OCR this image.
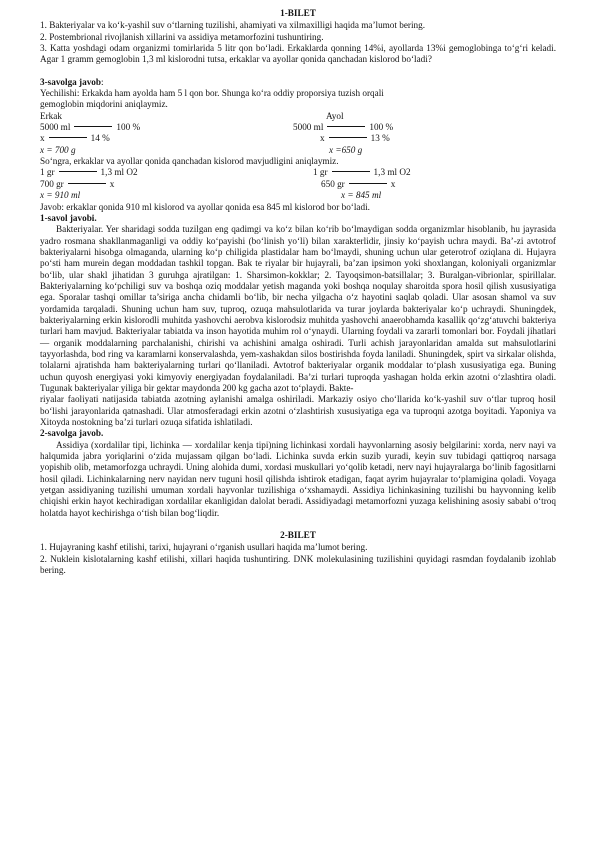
1-BILET

1. Bakteriyalar va ko‘k-yashil suv o‘tlarning tuzilishi, ahamiyati va xilmaxilligi haqida ma’lumot bering.

2. Postembrional rivojlanish xillarini va assidiya metamorfozini tushuntiring.

3. Katta yoshdagi odam organizmi tomirlarida 5 litr qon bo‘ladi. Erkaklarda qonning 14%i, ayollarda 13%i gemoglobinga to‘g‘ri keladi. Agar 1 gramm gemoglobin 1,3 ml kislorodni tutsa, erkaklar va ayollar qonida qanchadan kislorod bo‘ladi?

3-savolga javob:

Yechilishi: Erkakda ham ayolda ham 5 l qon bor. Shunga ko‘ra oddiy proporsiya tuzish orqali

gemoglobin miqdorini aniqlaymiz.

Erkak	Ayol
5000 ml	100 %	5000 ml	100 %
x	14 %	x	13 %
x = 700 g	x =650 g

So‘ngra, erkaklar va ayollar qonida qanchadan kislorod mavjudligini aniqlaymiz.

1 gr	1,3 ml O2	1 gr	1,3 ml O2
700 gr	x	650 gr	x
x = 910 ml	x = 845 ml

Javob: erkaklar qonida 910 ml kislorod va ayollar qonida esa 845 ml kislorod bor bo‘ladi.

1-savol javobi.

Bakteriyalar. Yer sharidagi sodda tuzilgan eng qadimgi va ko‘z bilan ko‘rib bo‘lmaydigan sodda organizmlar hisoblanib, hu jayrasida yadro rosmana shakllanmaganligi va oddiy ko‘payishi (bo‘linish yo‘li) bilan xarakterlidir, jinsiy ko‘payish uchra maydi. Ba’-zi avtotrof bakteriyalarni hisobga olmaganda, ularning ko‘p chiligida plastidalar ham bo‘lmaydi, shuning uchun ular geterotrof oziqlana di. Hujayra po‘sti ham murein degan moddadan tashkil topgan. Bak te riyalar bir hujayrali, ba’zan ipsimon yoki shoxlangan, koloniyali organizmlar bo‘lib, ular shakl jihatidan 3 guruhga ajratilgan: 1. Sharsimon-kokklar; 2. Tayoqsimon-batsillalar; 3. Buralgan-vibrionlar, spirillalar. Bakteriyalarning ko‘pchiligi suv va boshqa oziq moddalar yetish maganda yoki boshqa noqulay sharoitda spora hosil qilish xususiyatiga ega. Sporalar tashqi omillar ta’siriga ancha chidamli bo‘lib, bir necha yilgacha o‘z hayotini saqlab qoladi. Ular asosan shamol va suv yordamida tarqaladi. Shuning uchun ham suv, tuproq, ozuqa mahsulotlarida va turar joylarda bakteriyalar ko‘p uchraydi. Shuningdek, bakteriyalarning erkin kislorodli muhitda yashovchi aerobva kislorodsiz muhitda yashovchi anaerobhamda kasallik qo‘zg‘atuvchi bakteriya turlari ham mavjud. Bakteriyalar tabiatda va inson hayotida muhim rol o‘ynaydi. Ularning foydali va zararli tomonlari bor. Foydali jihatlari — organik moddalarning parchalanishi, chirishi va achishini amalga oshiradi. Turli achish jarayonlaridan amalda sut mahsulotlarini tayyorlashda, bod ring va karamlarni konservalashda, yem-xashakdan silos bostirishda foyda laniladi. Shuningdek, spirt va sirkalar olishda, tolalarni ajratishda ham bakteriyalarning turlari qo‘llaniladi. Avtotrof bakteriyalar organik moddalar to‘plash xususiyatiga ega. Buning uchun quyosh energiyasi yoki kimyoviy energiyadan foydalaniladi. Ba’zi turlari tuproqda yashagan holda erkin azotni o‘zlashtira oladi. Tugunak bakteriyalar yiliga bir gektar maydonda 200 kg gacha azot to‘playdi. Bakte-

riyalar faoliyati natijasida tabiatda azotning aylanishi amalga oshiriladi. Markaziy osiyo cho‘llarida ko‘k-yashil suv o‘tlar tuproq hosil bo‘lishi jarayonlarida qatnashadi. Ular atmosferadagi erkin azotni o‘zlashtirish xususiyatiga ega va tuproqni azotga boyitadi. Yaponiya va Xitoyda nostokning ba’zi turlari ozuqa sifatida ishlatiladi.

2-savolga javob.

Assidiya (xordalilar tipi, lichinka — xordalilar kenja tipi)ning lichinkasi xordali hayvonlarning asosiy belgilarini: xorda, nerv nayi va halqumida jabra yoriqlarini o‘zida mujassam qilgan bo‘ladi. Lichinka suvda erkin suzib yuradi, keyin suv tubidagi qattiqroq narsaga yopishib olib, metamorfozga uchraydi. Uning alohida dumi, xordasi muskullari yo‘qolib ketadi, nerv nayi hujayralarga bo‘linib fagositlarni hosil qiladi. Lichinkalarning nerv nayidan nerv tuguni hosil qilishda ishtirok etadigan, faqat ayrim hujayralar to‘plamigina qoladi. Voyaga yetgan assidiyaning tuzilishi umuman xordali hayvonlar tuzilishiga o‘xshamaydi. Assidiya lichinkasining tuzilishi bu hayvonning kelib chiqishi erkin hayot kechiradigan xordalilar ekanligidan dalolat beradi. Assidiyadagi metamorfozni yuzaga kelishining asosiy sababi o‘troq holatda hayot kechirishga o‘tish bilan bog‘liqdir.

2-BILET

1. Hujayraning kashf etilishi, tarixi, hujayrani o‘rganish usullari haqida ma’lumot bering.

2. Nuklein kislotalarning kashf etilishi, xillari haqida tushuntiring. DNK molekulasining tuzilishini quyidagi rasmdan foydalanib izohlab bering.
